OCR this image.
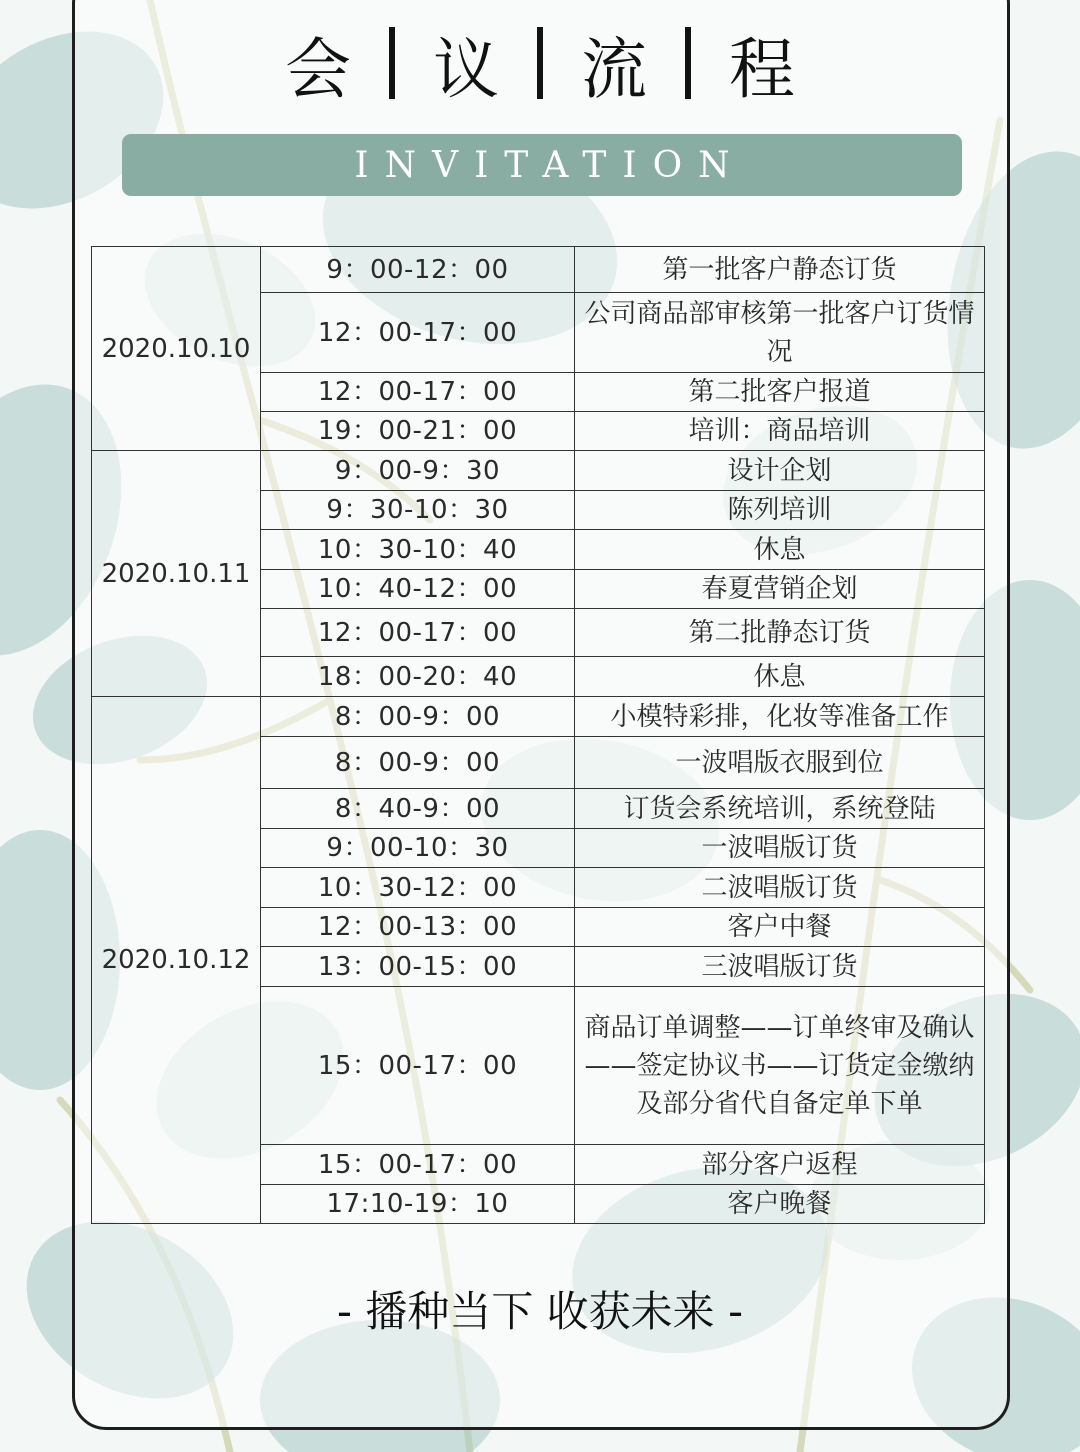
会 议 流 程
INVITATION
2020.10.10	9：00-12：00	第一批客户静态订货
	12：00-17：00	公司商品部审核第一批客户订货情况
	12：00-17：00	第二批客户报道
	19：00-21：00	培训：商品培训
2020.10.11	9：00-9：30	设计企划
	9：30-10：30	陈列培训
	10：30-10：40	休息
	10：40-12：00	春夏营销企划
	12：00-17：00	第二批静态订货
	18：00-20：40	休息
2020.10.12	8：00-9：00	小模特彩排，化妆等准备工作
	8：00-9：00	一波唱版衣服到位
	8：40-9：00	订货会系统培训，系统登陆
	9：00-10：30	一波唱版订货
	10：30-12：00	二波唱版订货
	12：00-13：00	客户中餐
	13：00-15：00	三波唱版订货
	15：00-17：00	商品订单调整——订单终审及确认——签定协议书——订货定金缴纳及部分省代自备定单下单
	15：00-17：00	部分客户返程
	17:10-19：10	客户晚餐
- 播种当下 收获未来 -
